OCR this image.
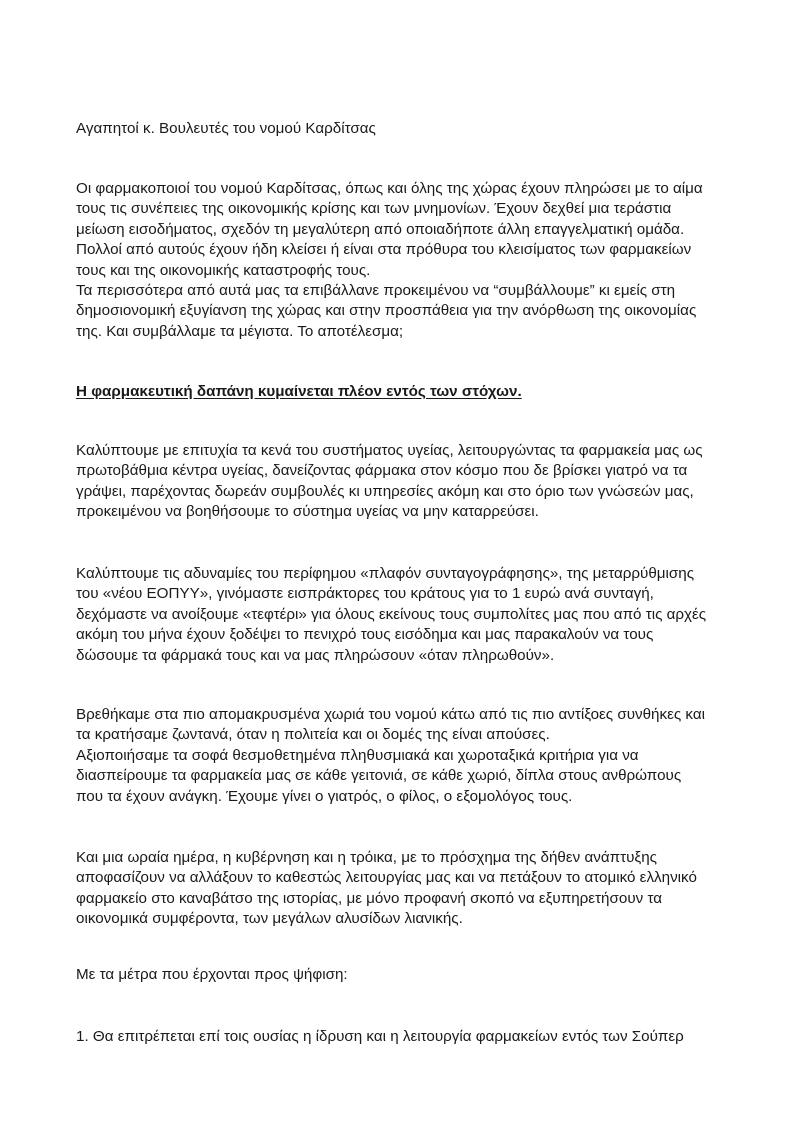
Αγαπητοί κ. Βουλευτές του νομού Καρδίτσας

Οι φαρμακοποιοί του νομού Καρδίτσας, όπως και όλης της χώρας έχουν πληρώσει με το αίμα
τους τις συνέπειες της οικονομικής κρίσης και των μνημονίων. Έχουν δεχθεί μια τεράστια
μείωση εισοδήματος, σχεδόν τη μεγαλύτερη από οποιαδήποτε άλλη επαγγελματική ομάδα.
Πολλοί από αυτούς έχουν ήδη κλείσει ή είναι στα πρόθυρα του κλεισίματος των φαρμακείων
τους και της οικονομικής καταστροφής τους.
Τα περισσότερα από αυτά μας τα επιβάλλανε προκειμένου να “συμβάλλουμε” κι εμείς στη
δημοσιονομική εξυγίανση της χώρας και στην προσπάθεια για την ανόρθωση της οικονομίας
της. Και συμβάλλαμε τα μέγιστα. Το αποτέλεσμα;

Η φαρμακευτική δαπάνη κυμαίνεται πλέον εντός των στόχων.

Καλύπτουμε με επιτυχία τα κενά του συστήματος υγείας, λειτουργώντας τα φαρμακεία μας ως
πρωτοβάθμια κέντρα υγείας, δανείζοντας φάρμακα στον κόσμο που δε βρίσκει γιατρό να τα
γράψει, παρέχοντας δωρεάν συμβουλές κι υπηρεσίες ακόμη και στο όριο των γνώσεών μας,
προκειμένου να βοηθήσουμε το σύστημα υγείας να μην καταρρεύσει.

Καλύπτουμε τις αδυναμίες του περίφημου «πλαφόν συνταγογράφησης», της μεταρρύθμισης
του «νέου ΕΟΠΥΥ», γινόμαστε εισπράκτορες του κράτους για το 1 ευρώ ανά συνταγή,
δεχόμαστε να ανοίξουμε «τεφτέρι» για όλους εκείνους τους συμπολίτες μας που από τις αρχές
ακόμη του μήνα έχουν ξοδέψει το πενιχρό τους εισόδημα και μας παρακαλούν να τους
δώσουμε τα φάρμακά τους και να μας πληρώσουν «όταν πληρωθούν».

Βρεθήκαμε στα πιο απομακρυσμένα χωριά του νομού κάτω από τις πιο αντίξοες συνθήκες και
τα κρατήσαμε ζωντανά, όταν η πολιτεία και οι δομές της είναι απούσες.
Αξιοποιήσαμε τα σοφά θεσμοθετημένα πληθυσμιακά και χωροταξικά κριτήρια για να
διασπείρουμε τα φαρμακεία μας σε κάθε γειτονιά, σε κάθε χωριό, δίπλα στους ανθρώπους
που τα έχουν ανάγκη. Έχουμε γίνει ο γιατρός, ο φίλος, ο εξομολόγος τους.

Και μια ωραία ημέρα, η κυβέρνηση και η τρόικα, με το πρόσχημα της δήθεν ανάπτυξης
αποφασίζουν να αλλάξουν το καθεστώς λειτουργίας μας και να πετάξουν το ατομικό ελληνικό
φαρμακείο στο καναβάτσο της ιστορίας, με μόνο προφανή σκοπό να εξυπηρετήσουν τα
οικονομικά συμφέροντα, των μεγάλων αλυσίδων λιανικής.

Με τα μέτρα που έρχονται προς ψήφιση:

1. Θα επιτρέπεται επί τοις ουσίας η ίδρυση και η λειτουργία φαρμακείων εντός των Σούπερ
